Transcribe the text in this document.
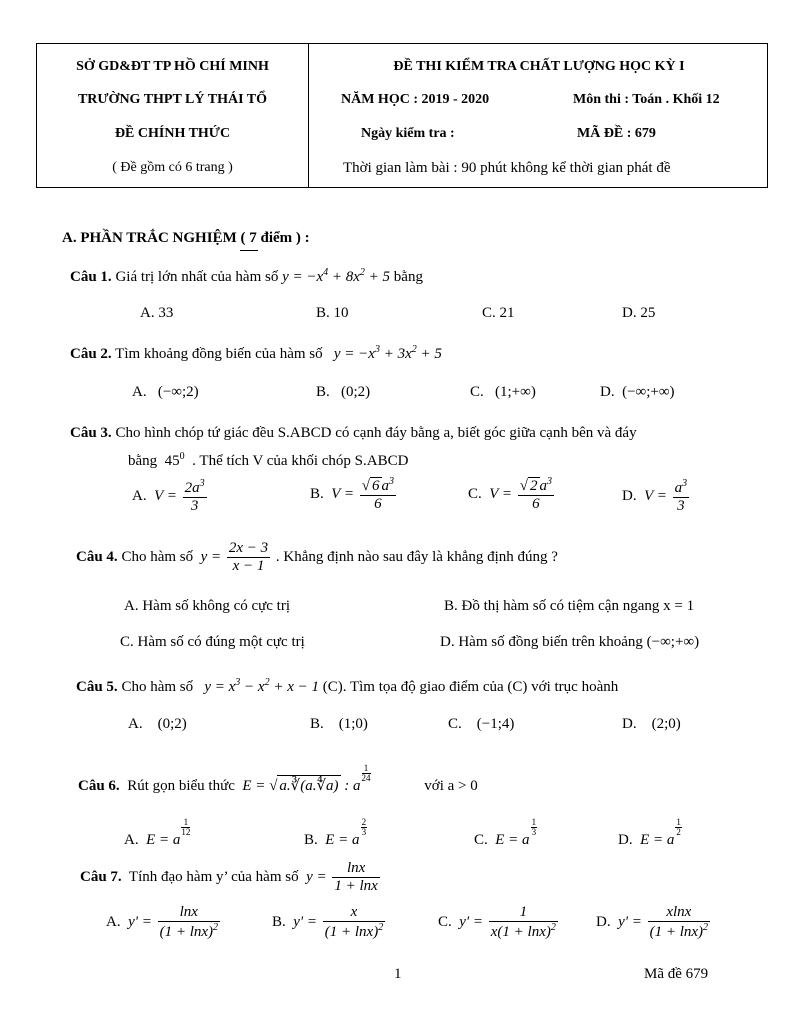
SỞ GD&ĐT TP HỒ CHÍ MINH
TRƯỜNG THPT LÝ THÁI TỔ
ĐỀ CHÍNH THỨC
( Đề gồm có 6 trang )
ĐỀ THI KIỂM TRA CHẤT LƯỢNG HỌC KỲ I
NĂM HỌC : 2019 - 2020	Môn thi : Toán . Khối 12
Ngày kiểm tra :	MÃ ĐỀ : 679
Thời gian làm bài : 90 phút không kể thời gian phát đề
A. PHẦN TRẮC NGHIỆM ( 7 điểm ) :
Câu 1. Giá trị lớn nhất của hàm số $y = -x^4 + 8x^2 + 5$ bằng
A. 33	B. 10	C. 21	D. 25
Câu 2. Tìm khoảng đồng biến của hàm số   $y = -x^3 + 3x^2 + 5$
A.   (−∞;2)	B.   (0;2)	C.   (1;+∞)	D.  (−∞;+∞)
Câu 3. Cho hình chóp tứ giác đều S.ABCD có cạnh đáy bằng a, biết góc giữa cạnh bên và đáy
bằng  $45^0$ . Thể tích V của khối chóp S.ABCD
A. $V = \frac{2a^3}{3}$	B. $V = \frac{√ 6 a^3}{6}$	C. $V = \frac{√ 2 a^3}{6}$	D. $V = \frac{a^3}{3}$
Câu 4. Cho hàm số $y = \frac{2x - 3}{x - 1}$ . Khẳng định nào sau đây là khẳng định đúng ?
A. Hàm số không có cực trị	B. Đồ thị hàm số có tiệm cận ngang x = 1
C. Hàm số có đúng một cực trị	D. Hàm số đồng biến trên khoảng (−∞;+∞)
Câu 5. Cho hàm số   $y = x^3 - x^2 + x - 1$ (C). Tìm tọa độ giao điểm của (C) với trục hoành
A.    (0;2)	B.    (1;0)	C.    (−1;4)	D.    (2;0)
Câu 6. Rút gọn biểu thức E = √ a.∛(a.∜a) : a
$\frac{1}{24}$
với a > 0
A. E = a
$\frac{1}{12}$
B. E = a
$\frac{2}{3}$
C. E = a
$\frac{1}{3}$
D. E = a
$\frac{1}{2}$
Câu 7. Tính đạo hàm y’ của hàm số $y = \frac{\ln x}{1 + \ln x}$
A. $y' = \frac{\ln x}{(1 + \ln x)^2}$	B. $y' = \frac{x}{(1 + \ln x)^2}$	C. $y' = \frac{1}{x(1 + \ln x)^2}$	D. $y' = \frac{xlnx}{(1 + \ln x)^2}$
1	Mã đề 679
